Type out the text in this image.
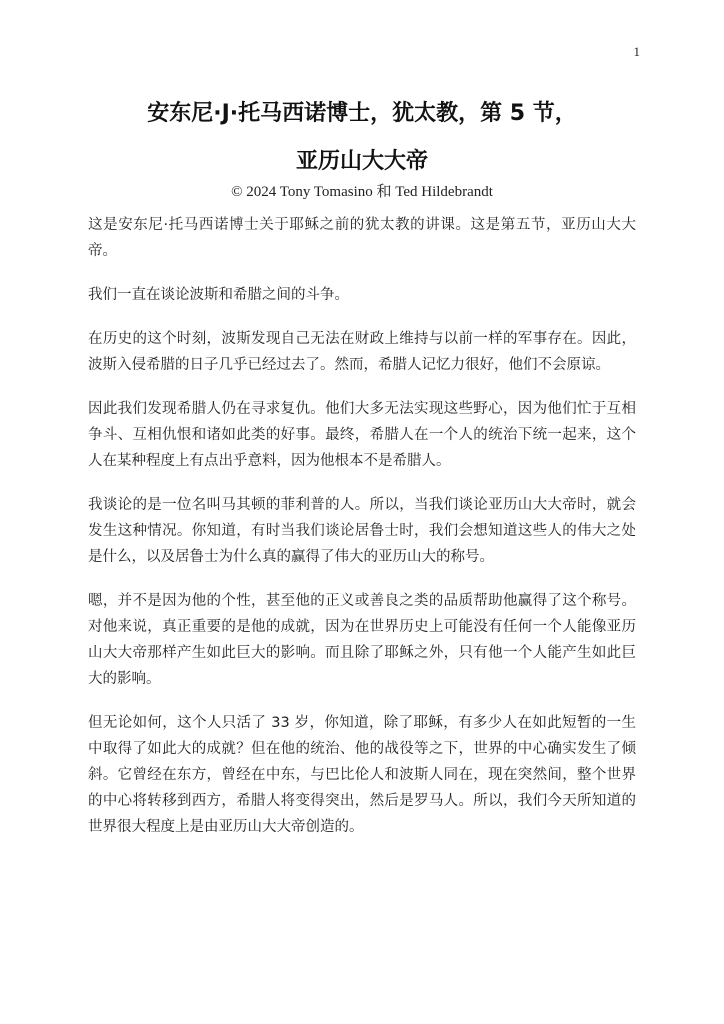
1
安东尼·J·托马西诺博士，犹太教，第 5 节，
亚历山大大帝
© 2024 Tony Tomasino 和 Ted Hildebrandt

这是安东尼·托马西诺博士关于耶稣之前的犹太教的讲课。这是第五节，亚历山大大帝。

我们一直在谈论波斯和希腊之间的斗争。

在历史的这个时刻，波斯发现自己无法在财政上维持与以前一样的军事存在。因此，波斯入侵希腊的日子几乎已经过去了。然而，希腊人记忆力很好，他们不会原谅。

因此我们发现希腊人仍在寻求复仇。他们大多无法实现这些野心，因为他们忙于互相争斗、互相仇恨和诸如此类的好事。最终，希腊人在一个人的统治下统一起来，这个人在某种程度上有点出乎意料，因为他根本不是希腊人。

我谈论的是一位名叫马其顿的菲利普的人。所以，当我们谈论亚历山大大帝时，就会发生这种情况。你知道，有时当我们谈论居鲁士时，我们会想知道这些人的伟大之处是什么，以及居鲁士为什么真的赢得了伟大的亚历山大的称号。

嗯，并不是因为他的个性，甚至他的正义或善良之类的品质帮助他赢得了这个称号。对他来说，真正重要的是他的成就，因为在世界历史上可能没有任何一个人能像亚历山大大帝那样产生如此巨大的影响。而且除了耶稣之外，只有他一个人能产生如此巨大的影响。

但无论如何，这个人只活了 33 岁，你知道，除了耶稣，有多少人在如此短暂的一生中取得了如此大的成就？但在他的统治、他的战役等之下，世界的中心确实发生了倾斜。它曾经在东方，曾经在中东，与巴比伦人和波斯人同在，现在突然间，整个世界的中心将转移到西方，希腊人将变得突出，然后是罗马人。所以，我们今天所知道的世界很大程度上是由亚历山大大帝创造的。
